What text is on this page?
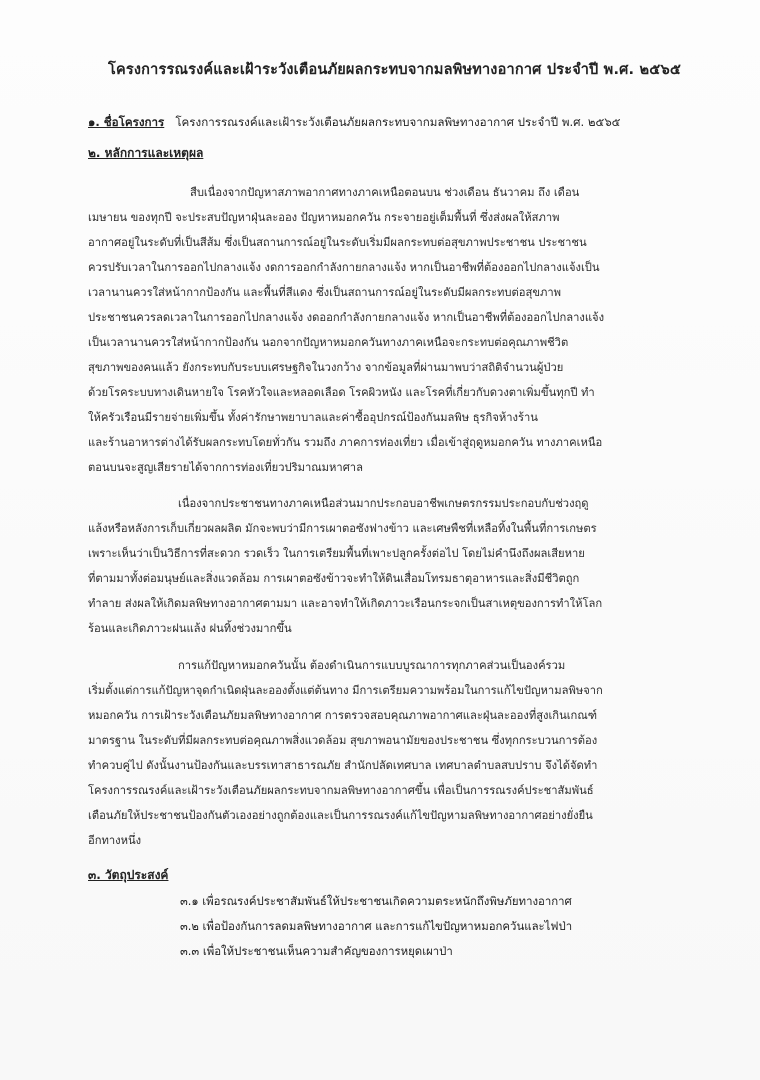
โครงการรณรงค์และเฝ้าระวังเตือนภัยผลกระทบจากมลพิษทางอากาศ ประจำปี พ.ศ. ๒๕๖๕
๑. ชื่อโครงการ โครงการรณรงค์และเฝ้าระวังเตือนภัยผลกระทบจากมลพิษทางอากาศ ประจำปี พ.ศ. ๒๕๖๕
๒. หลักการและเหตุผล
สืบเนื่องจากปัญหาสภาพอากาศทางภาคเหนือตอนบน ช่วงเดือน ธันวาคม ถึง เดือน
เมษายน ของทุกปี จะประสบปัญหาฝุ่นละออง ปัญหาหมอกควัน กระจายอยู่เต็มพื้นที่ ซึ่งส่งผลให้สภาพ
อากาศอยู่ในระดับที่เป็นสีส้ม ซึ่งเป็นสถานการณ์อยู่ในระดับเริ่มมีผลกระทบต่อสุขภาพประชาชน ประชาชน
ควรปรับเวลาในการออกไปกลางแจ้ง งดการออกกำลังกายกลางแจ้ง หากเป็นอาชีพที่ต้องออกไปกลางแจ้งเป็น
เวลานานควรใส่หน้ากากป้องกัน และพื้นที่สีแดง ซึ่งเป็นสถานการณ์อยู่ในระดับมีผลกระทบต่อสุขภาพ
ประชาชนควรลดเวลาในการออกไปกลางแจ้ง งดออกกำลังกายกลางแจ้ง หากเป็นอาชีพที่ต้องออกไปกลางแจ้ง
เป็นเวลานานควรใส่หน้ากากป้องกัน นอกจากปัญหาหมอกควันทางภาคเหนือจะกระทบต่อคุณภาพชีวิต
สุขภาพของคนแล้ว ยังกระทบกับระบบเศรษฐกิจในวงกว้าง จากข้อมูลที่ผ่านมาพบว่าสถิติจำนวนผู้ป่วย
ด้วยโรคระบบทางเดินหายใจ โรคหัวใจและหลอดเลือด โรคผิวหนัง และโรคที่เกี่ยวกับดวงตาเพิ่มขึ้นทุกปี ทำ
ให้ครัวเรือนมีรายจ่ายเพิ่มขึ้น ทั้งค่ารักษาพยาบาลและค่าซื้ออุปกรณ์ป้องกันมลพิษ ธุรกิจห้างร้าน
และร้านอาหารต่างได้รับผลกระทบโดยทั่วกัน รวมถึง ภาคการท่องเที่ยว เมื่อเข้าสู่ฤดูหมอกควัน ทางภาคเหนือ
ตอนบนจะสูญเสียรายได้จากการท่องเที่ยวปริมาณมหาศาล
เนื่องจากประชาชนทางภาคเหนือส่วนมากประกอบอาชีพเกษตรกรรมประกอบกับช่วงฤดู
แล้งหรือหลังการเก็บเกี่ยวผลผลิต มักจะพบว่ามีการเผาตอซังฟางข้าว และเศษพืชที่เหลือทิ้งในพื้นที่การเกษตร
เพราะเห็นว่าเป็นวิธีการที่สะดวก รวดเร็ว ในการเตรียมพื้นที่เพาะปลูกครั้งต่อไป โดยไม่คำนึงถึงผลเสียหาย
ที่ตามมาทั้งต่อมนุษย์และสิ่งแวดล้อม การเผาตอซังข้าวจะทำให้ดินเสื่อมโทรมธาตุอาหารและสิ่งมีชีวิตถูก
ทำลาย ส่งผลให้เกิดมลพิษทางอากาศตามมา และอาจทำให้เกิดภาวะเรือนกระจกเป็นสาเหตุของการทำให้โลก
ร้อนและเกิดภาวะฝนแล้ง ฝนทิ้งช่วงมากขึ้น
การแก้ปัญหาหมอกควันนั้น ต้องดำเนินการแบบบูรณาการทุกภาคส่วนเป็นองค์รวม
เริ่มตั้งแต่การแก้ปัญหาจุดกำเนิดฝุ่นละอองตั้งแต่ต้นทาง มีการเตรียมความพร้อมในการแก้ไขปัญหามลพิษจาก
หมอกควัน การเฝ้าระวังเตือนภัยมลพิษทางอากาศ การตรวจสอบคุณภาพอากาศและฝุ่นละอองที่สูงเกินเกณฑ์
มาตรฐาน ในระดับที่มีผลกระทบต่อคุณภาพสิ่งแวดล้อม สุขภาพอนามัยของประชาชน ซึ่งทุกกระบวนการต้อง
ทำควบคู่ไป ดังนั้นงานป้องกันและบรรเทาสาธารณภัย สำนักปลัดเทศบาล เทศบาลตำบลสบปราบ จึงได้จัดทำ
โครงการรณรงค์และเฝ้าระวังเตือนภัยผลกระทบจากมลพิษทางอากาศขึ้น เพื่อเป็นการรณรงค์ประชาสัมพันธ์
เตือนภัยให้ประชาชนป้องกันตัวเองอย่างถูกต้องและเป็นการรณรงค์แก้ไขปัญหามลพิษทางอากาศอย่างยั่งยืน
อีกทางหนึ่ง
๓. วัตถุประสงค์
๓.๑ เพื่อรณรงค์ประชาสัมพันธ์ให้ประชาชนเกิดความตระหนักถึงพิษภัยทางอากาศ
๓.๒ เพื่อป้องกันการลดมลพิษทางอากาศ และการแก้ไขปัญหาหมอกควันและไฟป่า
๓.๓ เพื่อให้ประชาชนเห็นความสำคัญของการหยุดเผาป่า
